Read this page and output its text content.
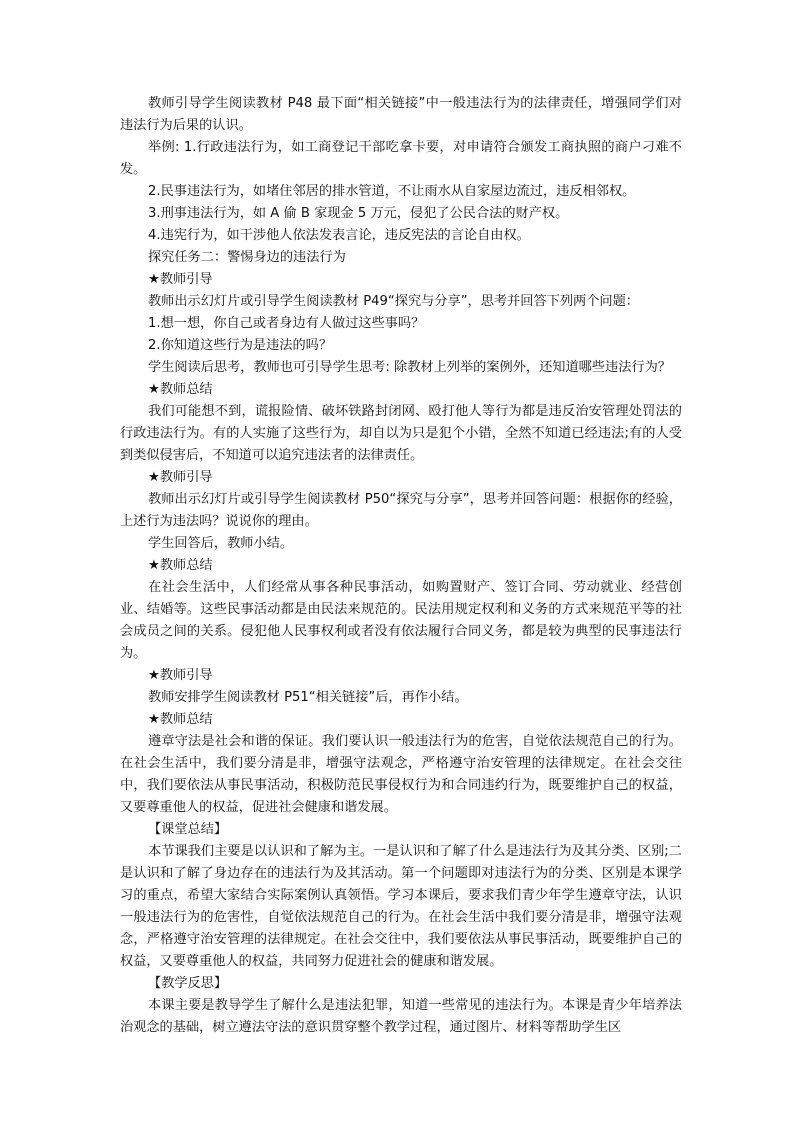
教师引导学生阅读教材 P48 最下面“相关链接”中一般违法行为的法律责任，增强同学们对违法行为后果的认识。

举例: 1.行政违法行为，如工商登记干部吃拿卡要，对申请符合颁发工商执照的商户刁难不发。

2.民事违法行为，如堵住邻居的排水管道，不让雨水从自家屋边流过，违反相邻权。

3.刑事违法行为，如 A 偷 B 家现金 5 万元，侵犯了公民合法的财产权。

4.违宪行为，如干涉他人依法发表言论，违反宪法的言论自由权。

探究任务二：警惕身边的违法行为

★教师引导

教师出示幻灯片或引导学生阅读教材 P49“探究与分享”，思考并回答下列两个问题：

1.想一想，你自己或者身边有人做过这些事吗？

2.你知道这些行为是违法的吗？

学生阅读后思考，教师也可引导学生思考: 除教材上列举的案例外，还知道哪些违法行为？

★教师总结

我们可能想不到，谎报险情、破坏铁路封闭网、殴打他人等行为都是违反治安管理处罚法的行政违法行为。有的人实施了这些行为，却自以为只是犯个小错，全然不知道已经违法;有的人受到类似侵害后，不知道可以追究违法者的法律责任。

★教师引导

教师出示幻灯片或引导学生阅读教材 P50“探究与分享”，思考并回答问题：根据你的经验，上述行为违法吗？说说你的理由。

学生回答后，教师小结。

★教师总结

在社会生活中，人们经常从事各种民事活动，如购置财产、签订合同、劳动就业、经营创业、结婚等。这些民事活动都是由民法来规范的。民法用规定权利和义务的方式来规范平等的社会成员之间的关系。侵犯他人民事权利或者没有依法履行合同义务，都是较为典型的民事违法行为。

★教师引导

教师安排学生阅读教材 P51“相关链接”后，再作小结。

★教师总结

遵章守法是社会和谐的保证。我们要认识一般违法行为的危害，自觉依法规范自己的行为。在社会生活中，我们要分清是非，增强守法观念，严格遵守治安管理的法律规定。在社会交往中，我们要依法从事民事活动，积极防范民事侵权行为和合同违约行为，既要维护自己的权益，又要尊重他人的权益，促进社会健康和谐发展。

【课堂总结】

本节课我们主要是以认识和了解为主。一是认识和了解了什么是违法行为及其分类、区别;二是认识和了解了身边存在的违法行为及其活动。第一个问题即对违法行为的分类、区别是本课学习的重点，希望大家结合实际案例认真领悟。学习本课后，要求我们青少年学生遵章守法，认识一般违法行为的危害性，自觉依法规范自己的行为。在社会生活中我们要分清是非，增强守法观念，严格遵守治安管理的法律规定。在社会交往中，我们要依法从事民事活动，既要维护自己的权益，又要尊重他人的权益，共同努力促进社会的健康和谐发展。

【教学反思】

本课主要是教导学生了解什么是违法犯罪，知道一些常见的违法行为。本课是青少年培养法治观念的基础，树立遵法守法的意识贯穿整个教学过程，通过图片、材料等帮助学生区
